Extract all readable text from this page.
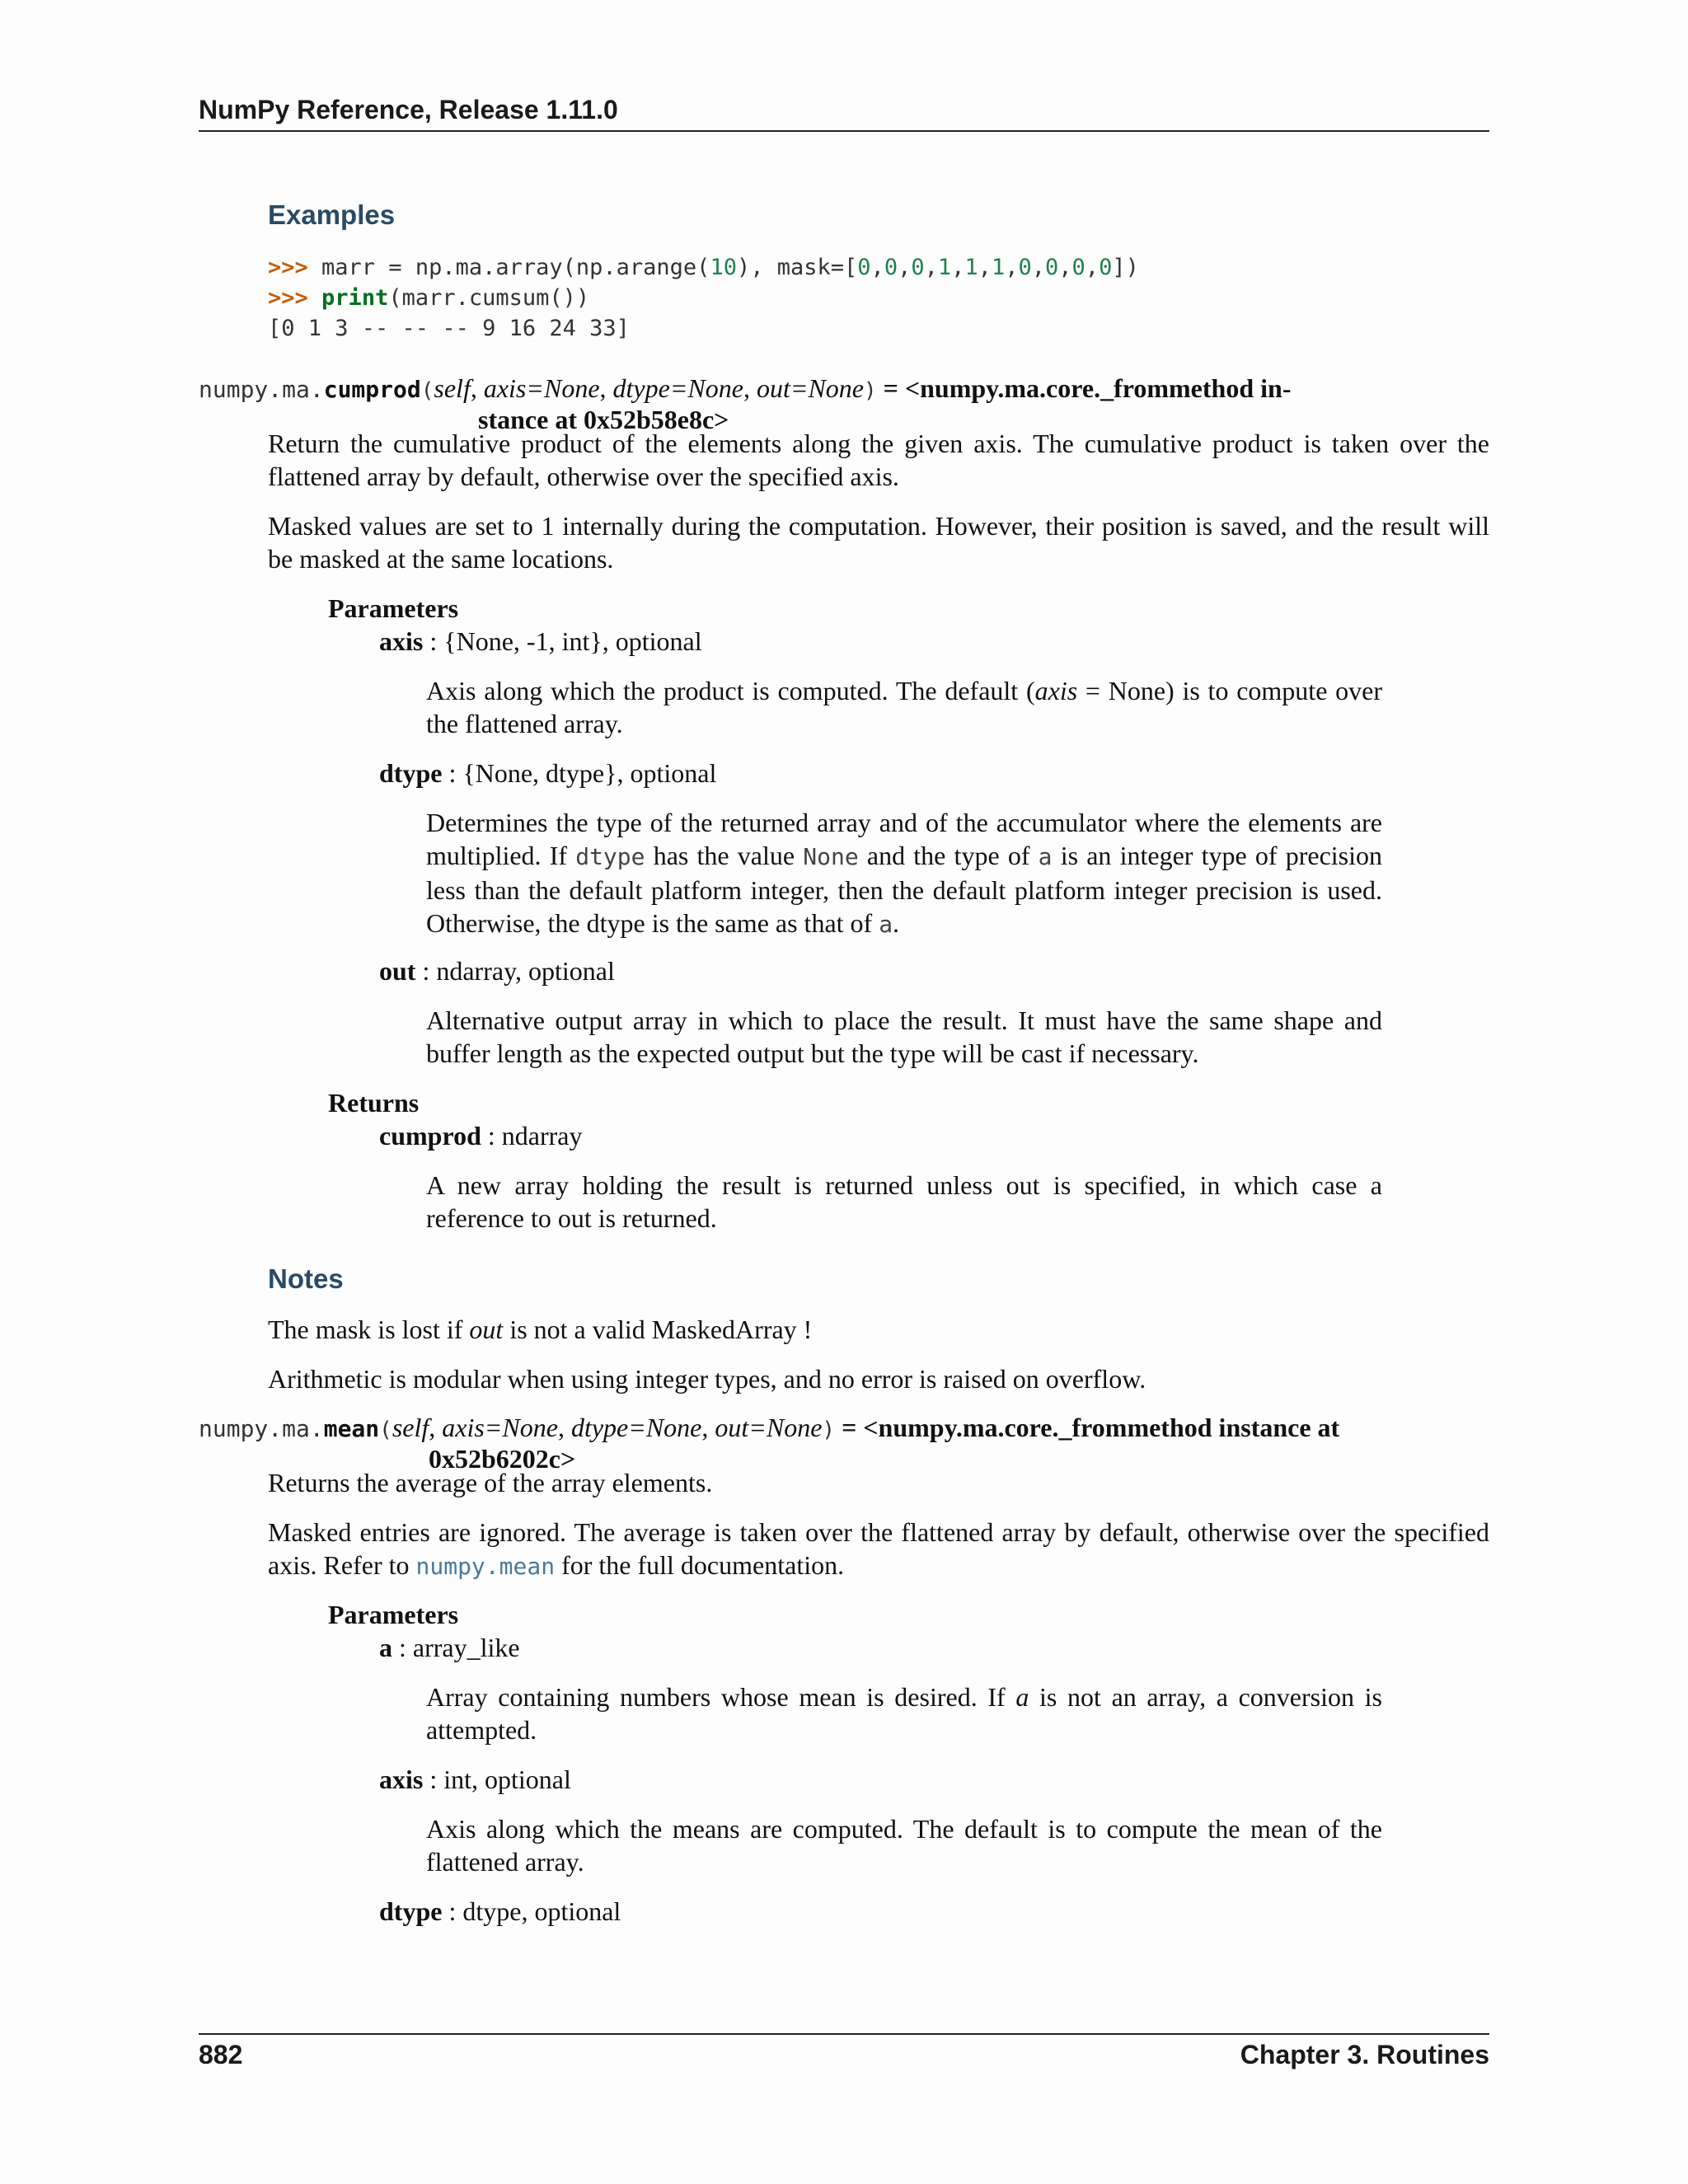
NumPy Reference, Release 1.11.0
Examples
>>> marr = np.ma.array(np.arange(10), mask=[0,0,0,1,1,1,0,0,0,0])
>>> print(marr.cumsum())
[0 1 3 -- -- -- 9 16 24 33]
numpy.ma.cumprod(self, axis=None, dtype=None, out=None) = <numpy.ma.core._frommethod in-
stance at 0x52b58e8c>
Return the cumulative product of the elements along the given axis. The cumulative product is taken over the flattened array by default, otherwise over the specified axis.
Masked values are set to 1 internally during the computation. However, their position is saved, and the result will be masked at the same locations.
Parameters
axis : {None, -1, int}, optional
Axis along which the product is computed. The default (axis = None) is to compute over the flattened array.
dtype : {None, dtype}, optional
Determines the type of the returned array and of the accumulator where the elements are multiplied. If dtype has the value None and the type of a is an integer type of precision less than the default platform integer, then the default platform integer precision is used. Otherwise, the dtype is the same as that of a.
out : ndarray, optional
Alternative output array in which to place the result. It must have the same shape and buffer length as the expected output but the type will be cast if necessary.
Returns
cumprod : ndarray
A new array holding the result is returned unless out is specified, in which case a reference to out is returned.
Notes
The mask is lost if out is not a valid MaskedArray !
Arithmetic is modular when using integer types, and no error is raised on overflow.
numpy.ma.mean(self, axis=None, dtype=None, out=None) = <numpy.ma.core._frommethod instance at
0x52b6202c>
Returns the average of the array elements.
Masked entries are ignored. The average is taken over the flattened array by default, otherwise over the specified axis. Refer to numpy.mean for the full documentation.
Parameters
a : array_like
Array containing numbers whose mean is desired. If a is not an array, a conversion is attempted.
axis : int, optional
Axis along which the means are computed. The default is to compute the mean of the flattened array.
dtype : dtype, optional
882	Chapter 3. Routines
